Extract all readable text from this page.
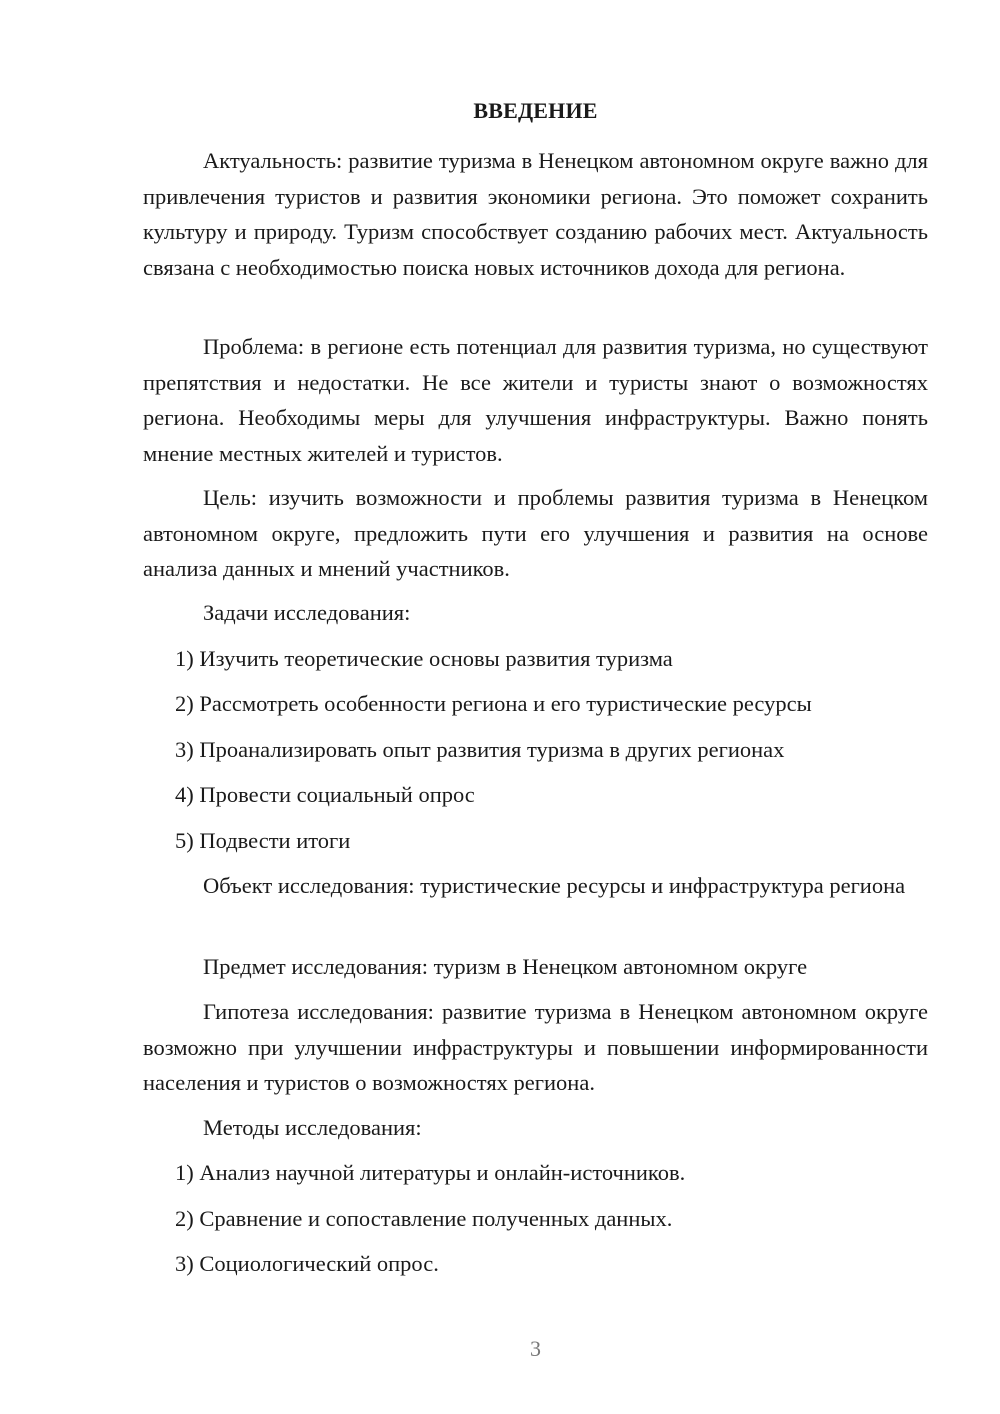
ВВЕДЕНИЕ

Актуальность: развитие туризма в Ненецком автономном округе важно для привлечения туристов и развития экономики региона. Это поможет сохранить культуру и природу. Туризм способствует созданию рабочих мест. Актуальность связана с необходимостью поиска новых источников дохода для региона.

Проблема: в регионе есть потенциал для развития туризма, но существуют препятствия и недостатки. Не все жители и туристы знают о возможностях региона. Необходимы меры для улучшения инфраструктуры. Важно понять мнение местных жителей и туристов.

Цель: изучить возможности и проблемы развития туризма в Ненецком автономном округе, предложить пути его улучшения и развития на основе анализа данных и мнений участников.

Задачи исследования:

1) Изучить теоретические основы развития туризма

2) Рассмотреть особенности региона и его туристические ресурсы

3) Проанализировать опыт развития туризма в других регионах

4) Провести социальный опрос

5) Подвести итоги

Объект исследования: туристические ресурсы и инфраструктура региона

Предмет исследования: туризм в Ненецком автономном округе

Гипотеза исследования: развитие туризма в Ненецком автономном округе возможно при улучшении инфраструктуры и повышении информированности населения и туристов о возможностях региона.

Методы исследования:

1) Анализ научной литературы и онлайн-источников.

2) Сравнение и сопоставление полученных данных.

3) Социологический опрос.

3
